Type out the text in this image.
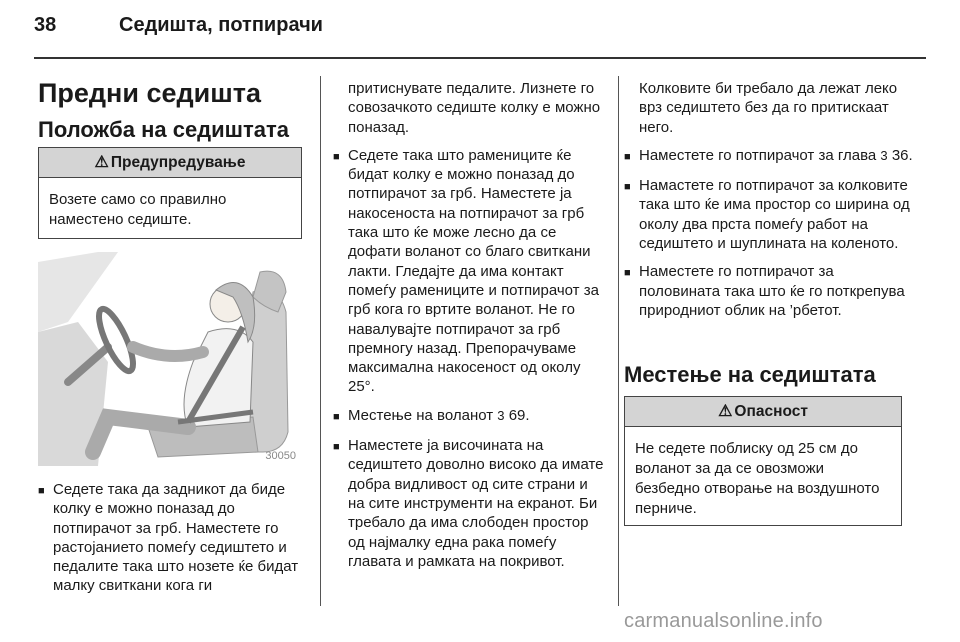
38	Седишта, потпирачи
Предни седишта
Положба на седиштата
⚠ Предупредување
Возете само со правилно наместено седиште.
30050
■ Седете така да задникот да биде колку е можно поназад до потпирачот за грб. Наместете го растојанието помеѓу седиштето и педалите така што нозете ќе бидат малку свиткани кога ги

притиснувате педалите. Лизнете го совозачкото седиште колку е можно поназад.

■ Седете така што рамениците ќе бидат колку е можно поназад до потпирачот за грб. Наместете ја накосеноста на потпирачот за грб така што ќе може лесно да се дофати воланот со благо свиткани лакти. Гледајте да има контакт помеѓу рамениците и потпирачот за грб кога го вртите воланот. Не го навалувајте потпирачот за грб премногу назад. Препорачуваме максимална накосеност од околу 25°.
■ Местење на воланот 3 69.
■ Наместете ја височината на седиштето доволно високо да имате добра видливост од сите страни и на сите инструменти на екранот. Би требало да има слободен простор од најмалку една рака помеѓу главата и рамката на покривот.

Колковите би требало да лежат леко врз седиштето без да го притискаат него.

■ Наместете го потпирачот за глава 3 36.
■ Намастете го потпирачот за колковите така што ќе има простор со ширина од околу два прста помеѓу работ на седиштето и шуплината на коленото.
■ Наместете го потпирачот за половината така што ќе го поткрепува природниот облик на ’рбетот.
Местење на седиштата
⚠ Опасност
Не седете поблиску од 25 см до воланот за да се овозможи безбедно отворање на воздушното перниче.
carmanualsonline.info
